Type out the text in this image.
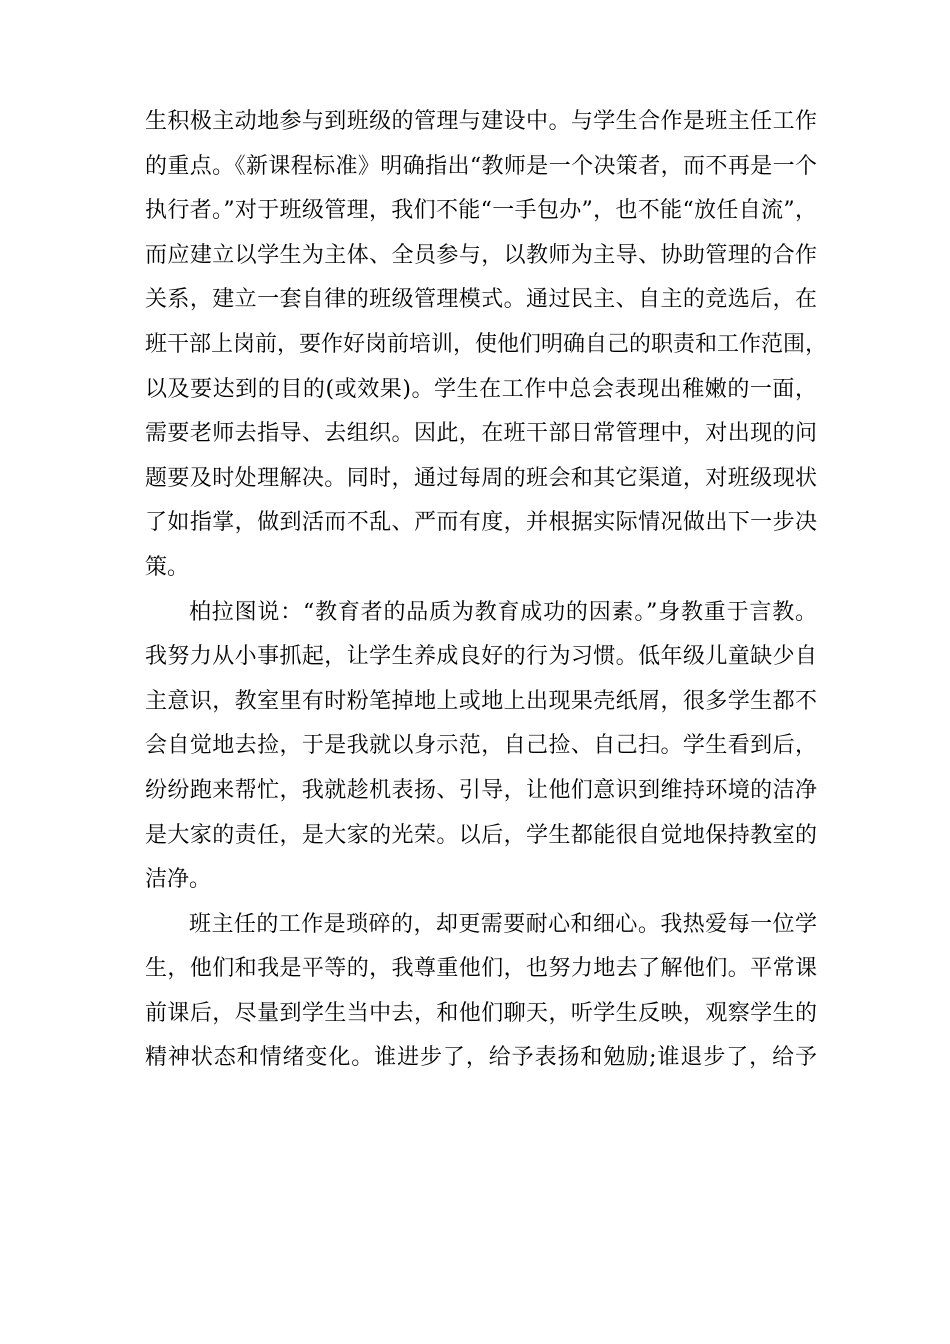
生积极主动地参与到班级的管理与建设中。与学生合作是班主任工作
的重点。《新课程标准》明确指出“教师是一个决策者，而不再是一个
执行者。”对于班级管理，我们不能“一手包办”，也不能“放任自流”，
而应建立以学生为主体、全员参与，以教师为主导、协助管理的合作
关系，建立一套自律的班级管理模式。通过民主、自主的竞选后，在
班干部上岗前，要作好岗前培训，使他们明确自己的职责和工作范围，
以及要达到的目的(或效果)。学生在工作中总会表现出稚嫩的一面，
需要老师去指导、去组织。因此，在班干部日常管理中，对出现的问
题要及时处理解决。同时，通过每周的班会和其它渠道，对班级现状
了如指掌，做到活而不乱、严而有度，并根据实际情况做出下一步决
策。

柏拉图说：“教育者的品质为教育成功的因素。”身教重于言教。
我努力从小事抓起，让学生养成良好的行为习惯。低年级儿童缺少自
主意识，教室里有时粉笔掉地上或地上出现果壳纸屑，很多学生都不
会自觉地去捡，于是我就以身示范，自己捡、自己扫。学生看到后，
纷纷跑来帮忙，我就趁机表扬、引导，让他们意识到维持环境的洁净
是大家的责任，是大家的光荣。以后，学生都能很自觉地保持教室的
洁净。

班主任的工作是琐碎的，却更需要耐心和细心。我热爱每一位学
生，他们和我是平等的，我尊重他们，也努力地去了解他们。平常课
前课后，尽量到学生当中去，和他们聊天，听学生反映，观察学生的
精神状态和情绪变化。谁进步了，给予表扬和勉励;谁退步了，给予
